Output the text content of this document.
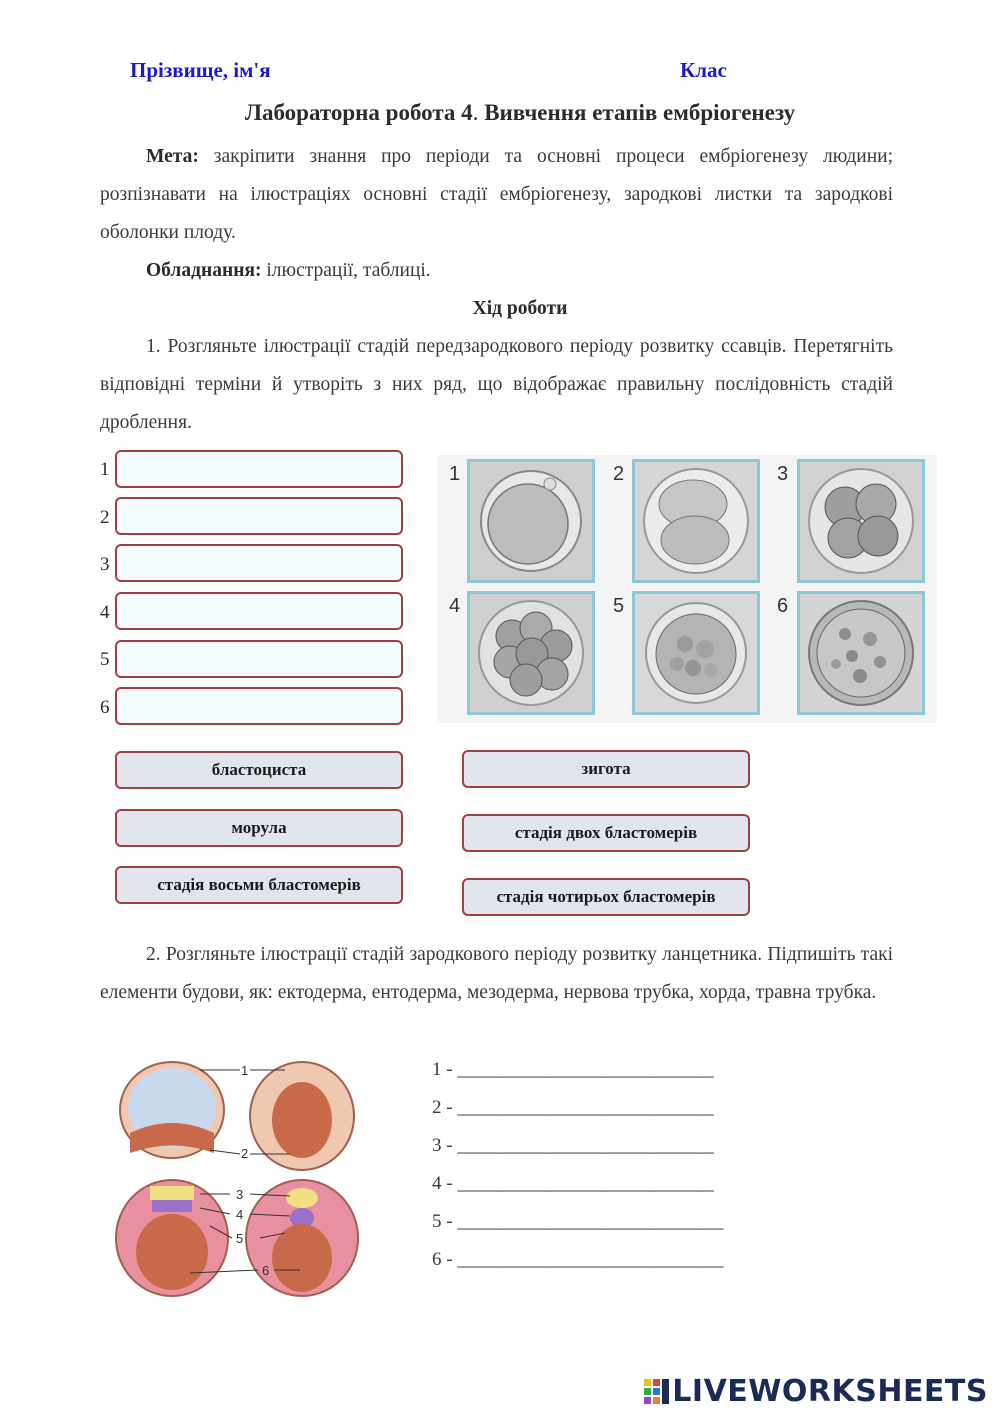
Прізвище, ім'я	Клас
Лабораторна робота 4. Вивчення етапів ембріогенезу
Мета: закріпити знання про періоди та основні процеси ембріогенезу людини; розпізнавати на ілюстраціях основні стадії ембріогенезу, зародкові листки та зародкові оболонки плоду.
Обладнання: ілюстрації, таблиці.
Хід роботи
1. Розгляньте ілюстрації стадій передзародкового періоду розвитку ссавців. Перетягніть відповідні терміни й утворіть з них ряд, що відображає правильну послідовність стадій дроблення.
1
2
3
4
5
6
1	2	3
4	5	6
бластоциста
морула
стадія восьми бластомерів
зигота
стадія двох бластомерів
стадія чотирьох бластомерів
2. Розгляньте ілюстрації стадій зародкового періоду розвитку ланцетника. Підпишіть такі елементи будови, як: ектодерма, ентодерма, мезодерма, нервова трубка, хорда, травна трубка.
1
2
3
4
5
6
1 - ___________________________
2 - ___________________________
3 - ___________________________
4 - ___________________________
5 - ____________________________
6 - ____________________________
LIVEWORKSHEETS
